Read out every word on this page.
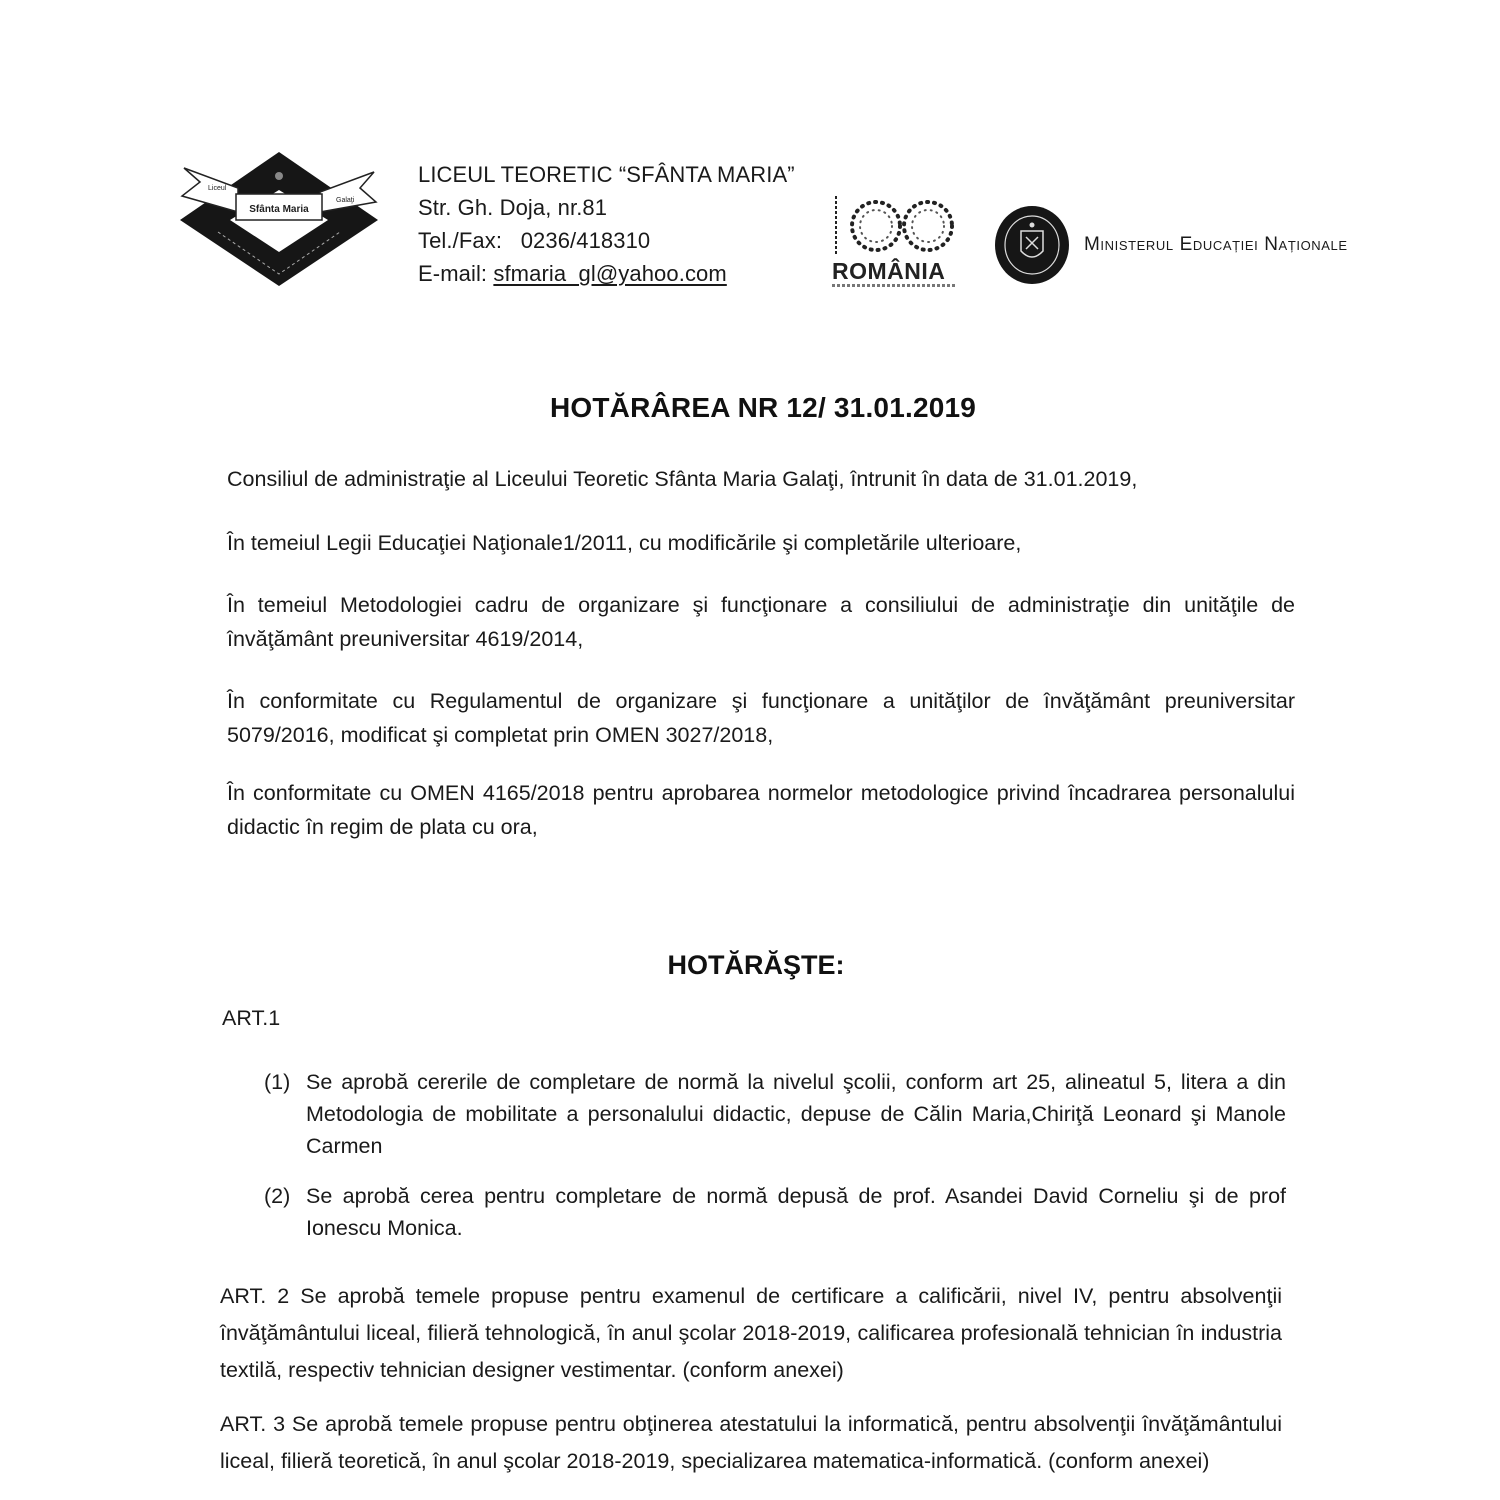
Sfânta Maria
Liceul
Galaţi
LICEUL TEORETIC “SFÂNTA MARIA”
Str. Gh. Doja, nr.81
Tel./Fax: 0236/418310
E-mail: sfmaria_gl@yahoo.com	ROMÂNIA
Ministerul Educației Naționale
HOTĂRÂREA NR 12/ 31.01.2019
Consiliul de administraţie al Liceului Teoretic Sfânta Maria Galaţi, întrunit în data de 31.01.2019,
În temeiul Legii Educaţiei Naţionale1/2011, cu modificările şi completările ulterioare,
În temeiul Metodologiei cadru de organizare şi funcţionare a consiliului de administraţie din unităţile de învăţământ preuniversitar 4619/2014,
În conformitate cu Regulamentul de organizare şi funcţionare a unităţilor de învăţământ preuniversitar 5079/2016, modificat şi completat prin OMEN 3027/2018,
În conformitate cu OMEN 4165/2018 pentru aprobarea normelor metodologice privind încadrarea personalului didactic în regim de plata cu ora,
HOTĂRĂŞTE:
ART.1
(1) Se aprobă cererile de completare de normă la nivelul şcolii, conform art 25, alineatul 5, litera a din Metodologia de mobilitate a personalului didactic, depuse de Călin Maria,Chiriţă Leonard şi Manole Carmen
(2) Se aprobă cerea pentru completare de normă depusă de prof. Asandei David Corneliu şi de prof Ionescu Monica.
ART. 2 Se aprobă temele propuse pentru examenul de certificare a calificării, nivel IV, pentru absolvenţii învăţământului liceal, filieră tehnologică, în anul şcolar 2018-2019, calificarea profesională tehnician în industria textilă, respectiv tehnician designer vestimentar. (conform anexei)
ART. 3 Se aprobă temele propuse pentru obţinerea atestatului la informatică, pentru absolvenţii învăţământului liceal, filieră teoretică, în anul şcolar 2018-2019, specializarea matematica-informatică. (conform anexei)
